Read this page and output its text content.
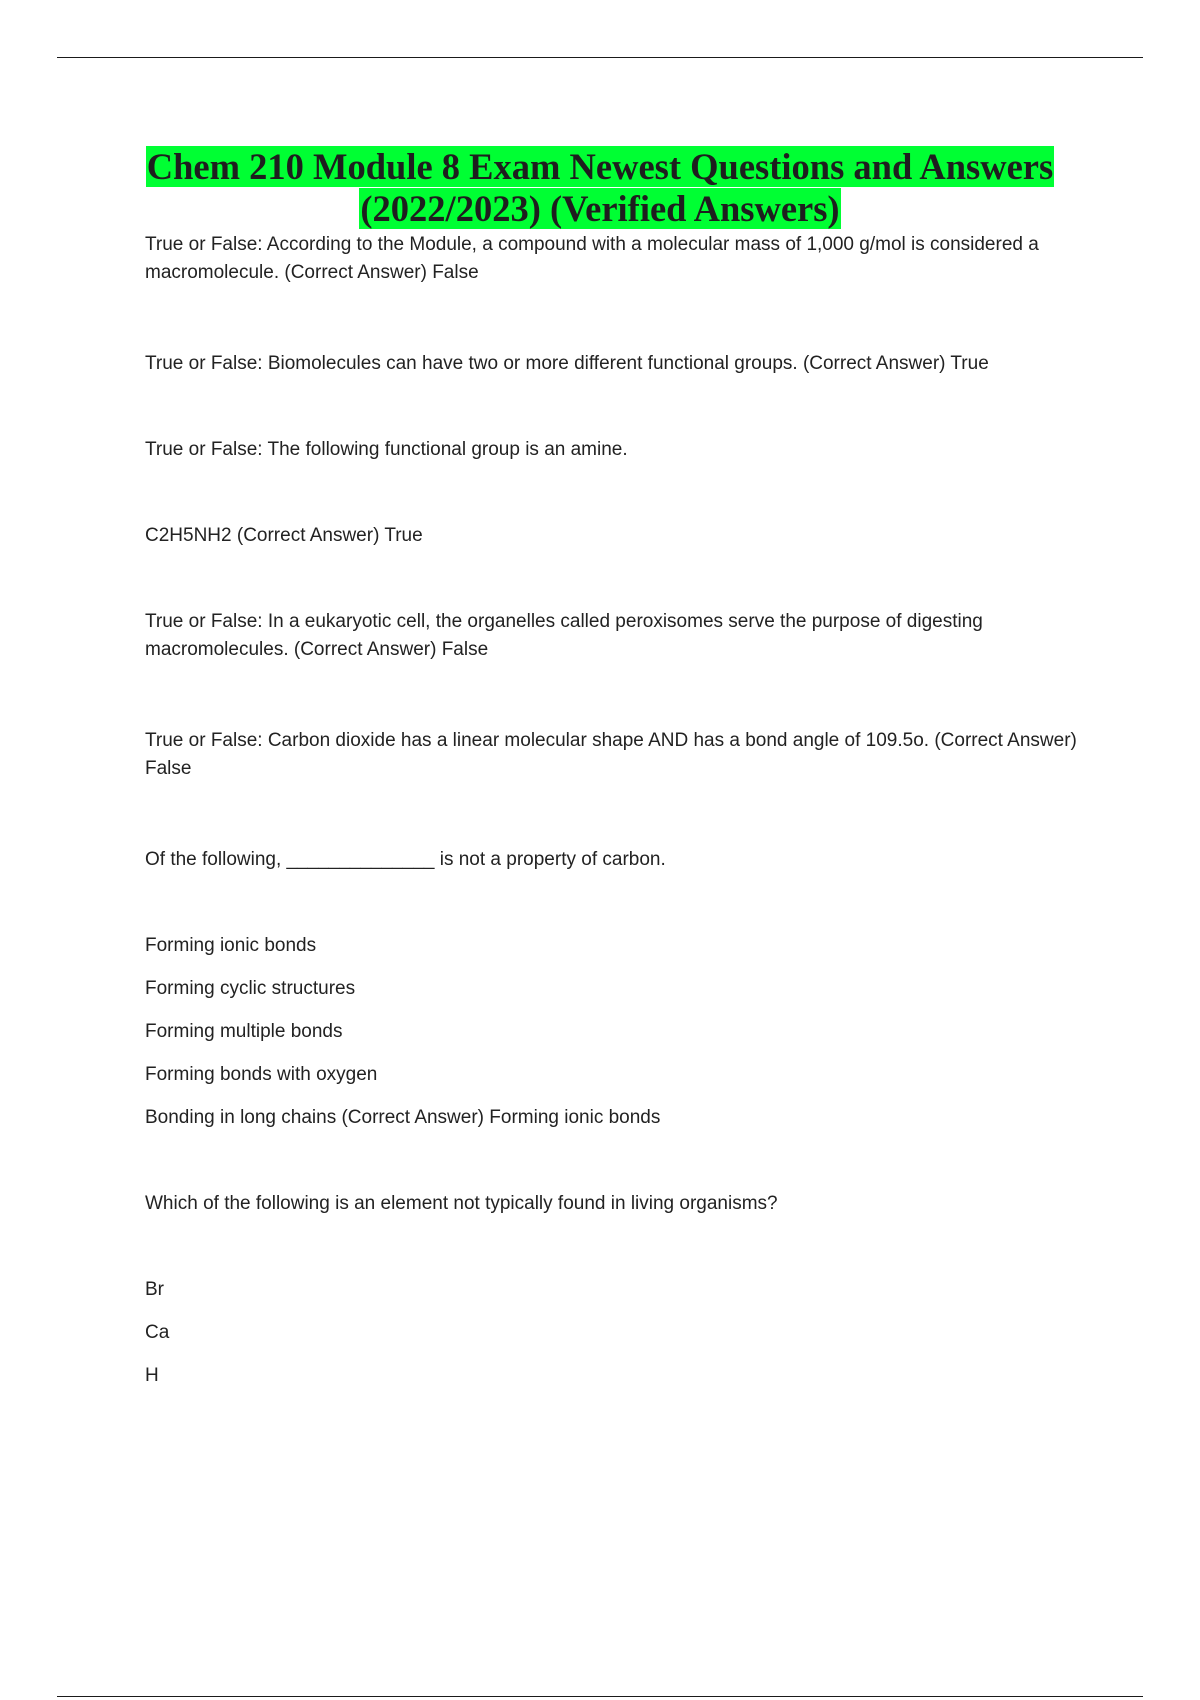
Chem 210 Module 8 Exam Newest Questions and Answers
(2022/2023) (Verified Answers)

True or False: According to the Module, a compound with a molecular mass of 1,000 g/mol is considered a macromolecule. (Correct Answer) False

True or False: Biomolecules can have two or more different functional groups. (Correct Answer) True

True or False: The following functional group is an amine.

C2H5NH2 (Correct Answer) True

True or False: In a eukaryotic cell, the organelles called peroxisomes serve the purpose of digesting macromolecules. (Correct Answer) False

True or False: Carbon dioxide has a linear molecular shape AND has a bond angle of 109.5o. (Correct Answer) False

Of the following, ______________ is not a property of carbon.

Forming ionic bonds

Forming cyclic structures

Forming multiple bonds

Forming bonds with oxygen

Bonding in long chains (Correct Answer) Forming ionic bonds

Which of the following is an element not typically found in living organisms?

Br

Ca

H
